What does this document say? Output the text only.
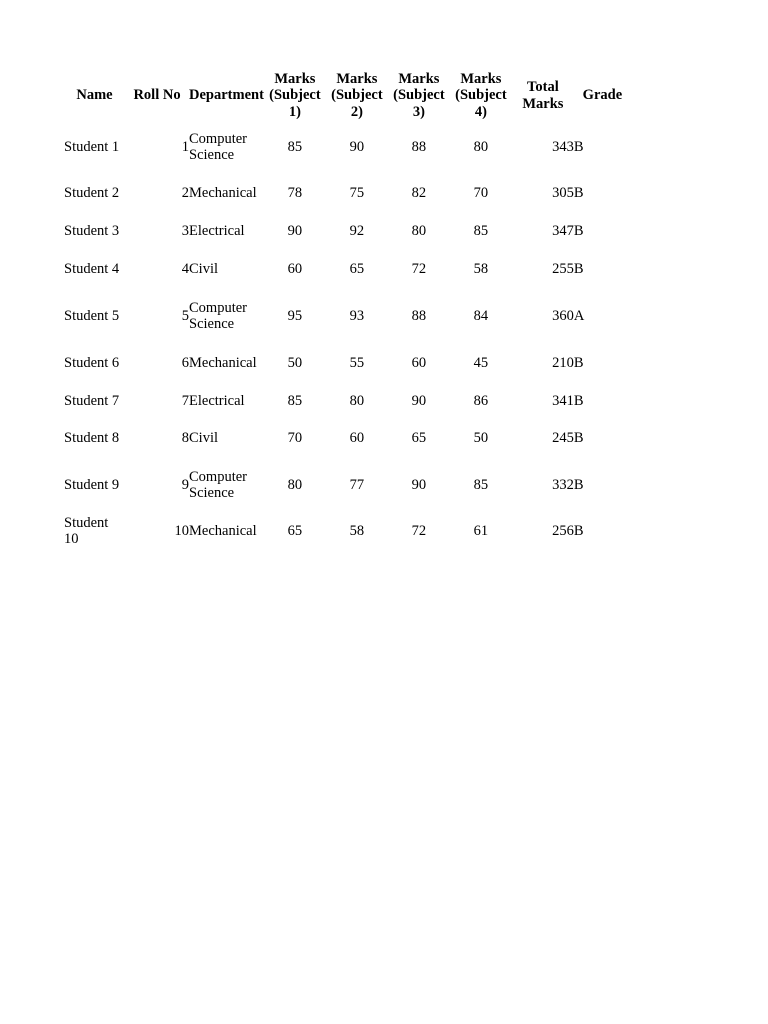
Name	Roll No	Department	Marks (Subject 1)	Marks (Subject 2)	Marks (Subject 3)	Marks (Subject 4)	Total Marks	Grade
Student 1	1	Computer Science	85	90	88	80	343	B
Student 2	2	Mechanical	78	75	82	70	305	B
Student 3	3	Electrical	90	92	80	85	347	B
Student 4	4	Civil	60	65	72	58	255	B
Student 5	5	Computer Science	95	93	88	84	360	A
Student 6	6	Mechanical	50	55	60	45	210	B
Student 7	7	Electrical	85	80	90	86	341	B
Student 8	8	Civil	70	60	65	50	245	B
Student 9	9	Computer Science	80	77	90	85	332	B
Student 10	10	Mechanical	65	58	72	61	256	B
